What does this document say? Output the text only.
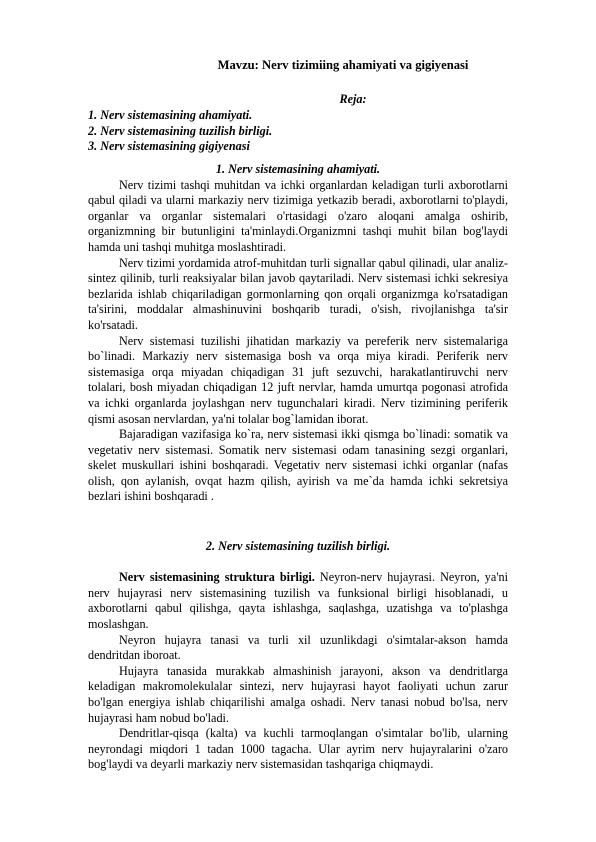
Mavzu: Nerv tizimiing ahamiyati va gigiyenasi
Reja:
1. Nerv sistemasining ahamiyati.
2. Nerv sistemasining tuzilish birligi.
3. Nerv sistemasining gigiyenasi
1. Nerv sistemasining ahamiyati.

Nerv tizimi tashqi muhitdan va ichki organlardan keladigan turli axborotlarni qabul qiladi va ularni markaziy nerv tizimiga yetkazib beradi, axborotlarni to'playdi, organlar va organlar sistemalari o'rtasidagi o'zaro aloqani amalga oshirib, organizmning bir butunligini ta'minlaydi.Organizmni tashqi muhit bilan bog'laydi hamda uni tashqi muhitga moslashtiradi.

Nerv tizimi yordamida atrof-muhitdan turli signallar qabul qilinadi, ular analiz-sintez qilinib, turli reaksiyalar bilan javob qaytariladi. Nerv sistemasi ichki sekresiya bezlarida ishlab chiqariladigan gormonlarning qon orqali organizmga ko'rsatadigan ta'sirini, moddalar almashinuvini boshqarib turadi, o'sish, rivojlanishga ta'sir ko'rsatadi.

Nerv sistemasi tuzilishi jihatidan markaziy va pereferik nerv sistemalariga bo`linadi. Markaziy nerv sistemasiga bosh va orqa miya kiradi. Periferik nerv sistemasiga orqa miyadan chiqadigan 31 juft sezuvchi, harakatlantiruvchi nerv tolalari, bosh miyadan chiqadigan 12 juft nervlar, hamda umurtqa pogonasi atrofida va ichki organlarda joylashgan nerv tugunchalari kiradi. Nerv tizimining periferik qismi asosan nervlardan, ya'ni tolalar bog`lamidan iborat.

Bajaradigan vazifasiga ko`ra, nerv sistemasi ikki qismga bo`linadi: somatik va vegetativ nerv sistemasi. Somatik nerv sistemasi odam tanasining sezgi organlari, skelet muskullari ishini boshqaradi. Vegetativ nerv sistemasi ichki organlar (nafas olish, qon aylanish, ovqat hazm qilish, ayirish va me`da hamda ichki sekretsiya bezlari ishini boshqaradi .

2. Nerv sistemasining tuzilish birligi.

Nerv sistemasining struktura birligi. Neyron-nerv hujayrasi. Neyron, ya'ni nerv hujayrasi nerv sistemasining tuzilish va funksional birligi hisoblanadi, u axborotlarni qabul qilishga, qayta ishlashga, saqlashga, uzatishga va to'plashga moslashgan.

Neyron hujayra tanasi va turli xil uzunlikdagi o'simtalar-akson hamda dendritdan iboroat.

Hujayra tanasida murakkab almashinish jarayoni, akson va dendritlarga keladigan makromolekulalar sintezi, nerv hujayrasi hayot faoliyati uchun zarur bo'lgan energiya ishlab chiqarilishi amalga oshadi. Nerv tanasi nobud bo'lsa, nerv hujayrasi ham nobud bo'ladi.

Dendritlar-qisqa (kalta) va kuchli tarmoqlangan o'simtalar bo'lib, ularning neyrondagi miqdori 1 tadan 1000 tagacha. Ular ayrim nerv hujayralarini o'zaro bog'laydi va deyarli markaziy nerv sistemasidan tashqariga chiqmaydi.
